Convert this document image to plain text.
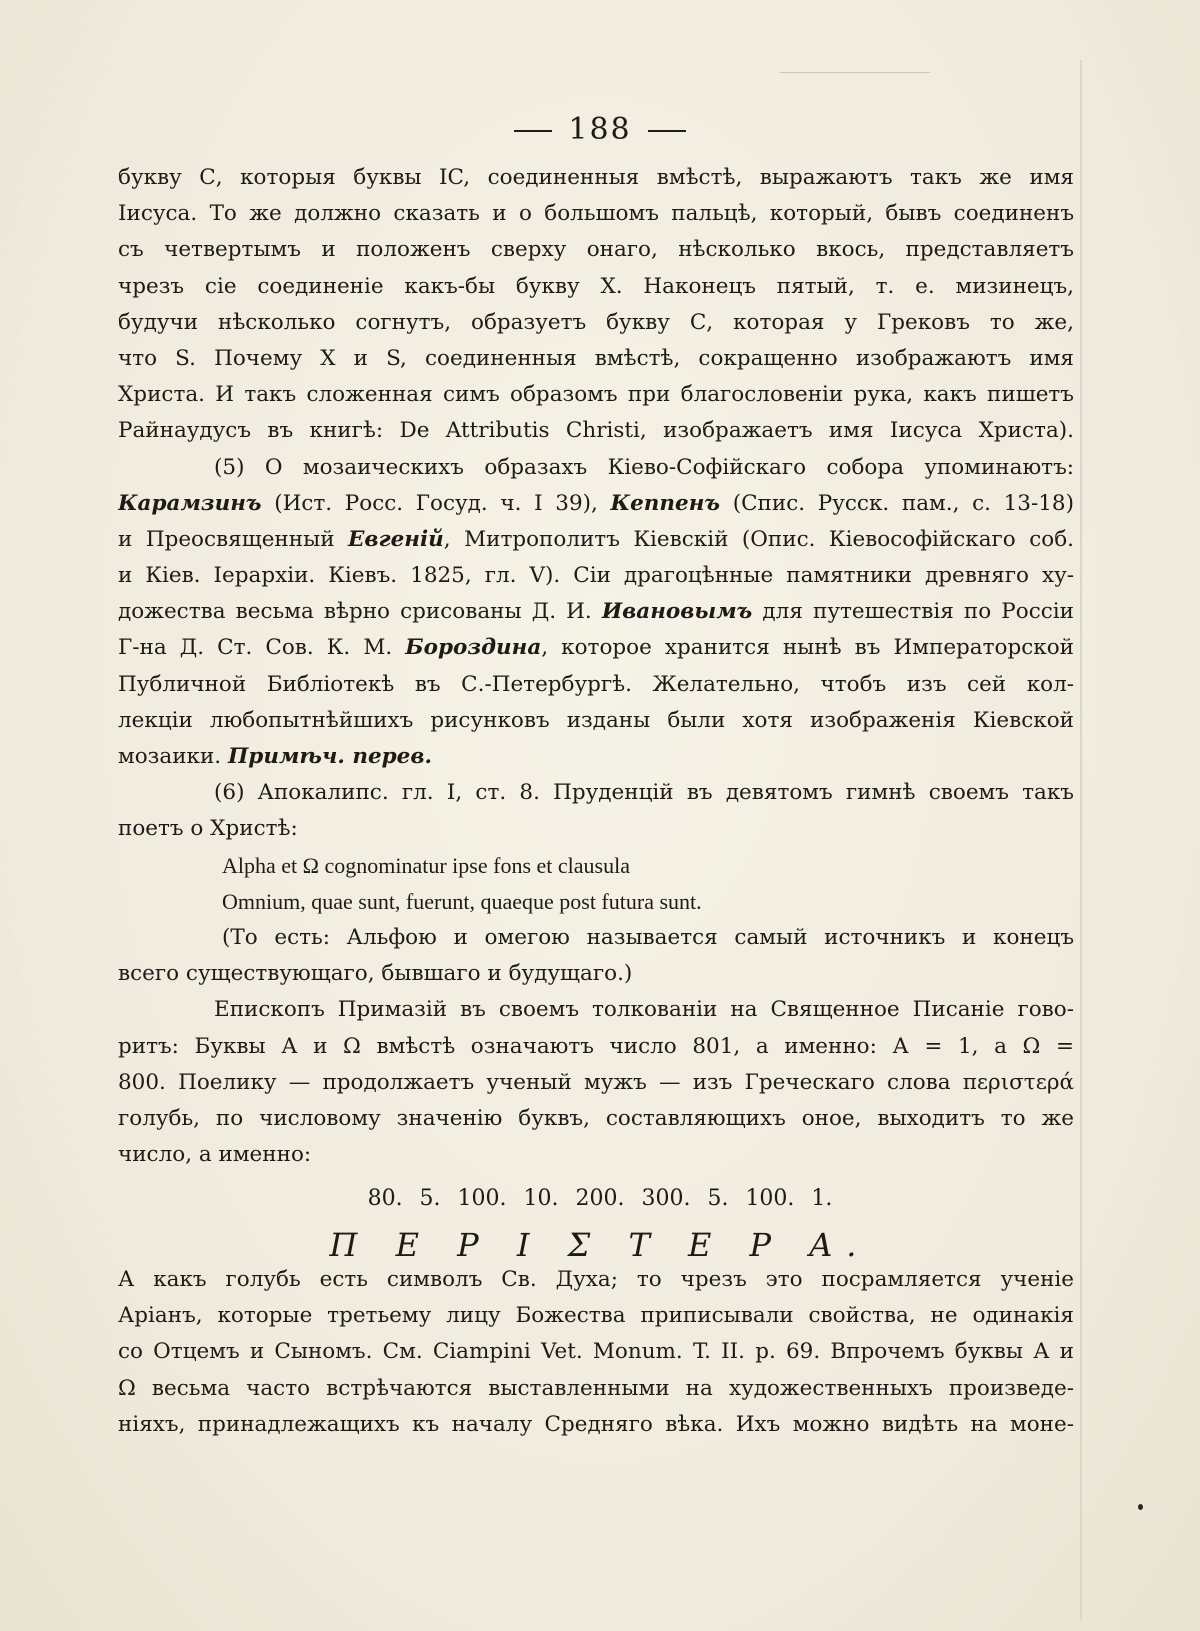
188
букву С, которыя буквы IC, соединенныя вмѣстѣ, выражаютъ такъ же имя
Iисуса. То же должно сказать и о большомъ пальцѣ, который, бывъ соединенъ
съ четвертымъ и положенъ сверху онаго, нѣсколько вкось, представляетъ
чрезъ сiе соединенiе какъ-бы букву Х. Наконецъ пятый, т. е. мизинецъ,
будучи нѣсколько согнутъ, образуетъ букву С, которая у Грековъ то же,
что S. Почему X и S, соединенныя вмѣстѣ, сокращенно изображаютъ имя
Христа. И такъ сложенная симъ образомъ при благословенiи рука, какъ пишетъ
Райнаудусъ въ книгѣ: De Attributis Christi, изображаетъ имя Iисуса Христа).
(5) О мозаическихъ образахъ Кiево-Софiйскаго собора упоминаютъ:
Карамзинъ (Ист. Росс. Госуд. ч. I 39), Кеппенъ (Спис. Русск. пам., с. 13-18)
и Преосвященный Евгенiй, Митрополитъ Кiевскiй (Опис. Кiевософiйскаго соб.
и Кiев. Iерархiи. Кiевъ. 1825, гл. V). Сiи драгоцѣнные памятники древняго ху-
дожества весьма вѣрно срисованы Д. И. Ивановымъ для путешествiя по Россiи
Г-на Д. Ст. Сов. К. М. Бороздина, которое хранится нынѣ въ Императорской
Публичной Библiотекѣ въ С.-Петербургѣ. Желательно, чтобъ изъ сей кол-
лекцiи любопытнѣйшихъ рисунковъ изданы были хотя изображенiя Кiевской
мозаики. Примѣч. перев.
(6) Апокалипс. гл. I, ст. 8. Пруденцiй въ девятомъ гимнѣ своемъ такъ
поетъ о Христѣ:
Alpha et Ω cognominatur ipse fons et clausula
Omnium, quae sunt, fuerunt, quaeque post futura sunt.
(То есть: Альфою и омегою называется самый источникъ и конецъ
всего существующаго, бывшаго и будущаго.)
Епископъ Примазiй въ своемъ толкованiи на Священное Писанiе гово-
ритъ: Буквы А и Ω вмѣстѣ означаютъ число 801, а именно: А = 1, а Ω =
800. Поелику — продолжаетъ ученый мужъ — изъ Греческаго слова περιστερά
голубь, по числовому значенiю буквъ, составляющихъ оное, выходитъ то же
число, а именно:
80. 5. 100. 10. 200. 300. 5. 100. 1.
Π Ε Ρ Ι Σ Τ Ε Ρ Α.
А какъ голубь есть символъ Св. Духа; то чрезъ это посрамляется ученiе
Арiанъ, которые третьему лицу Божества приписывали свойства, не одинакiя
со Отцемъ и Сыномъ. См. Ciampini Vet. Monum. T. II. p. 69. Впрочемъ буквы А и
Ω весьма часто встрѣчаются выставленными на художественныхъ произведе-
нiяхъ, принадлежащихъ къ началу Средняго вѣка. Ихъ можно видѣть на моне-
